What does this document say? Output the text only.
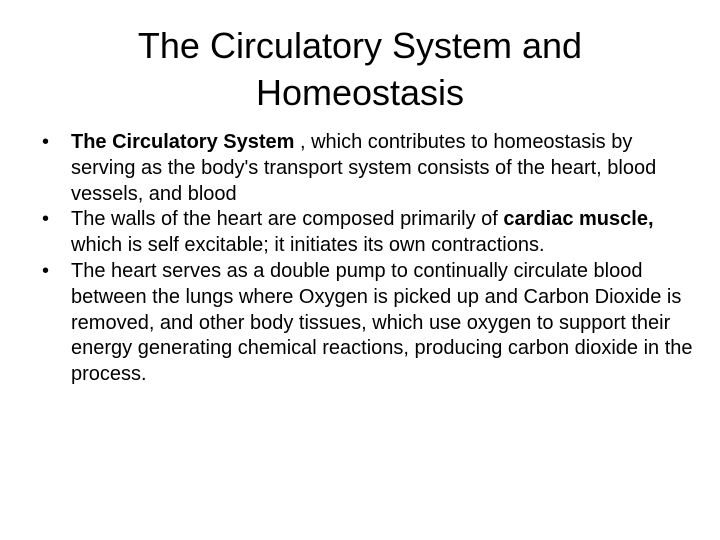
The Circulatory System and
Homeostasis
• The Circulatory System , which contributes to homeostasis by serving as the body's transport system consists of the heart, blood vessels, and blood
• The walls of the heart are composed primarily of cardiac muscle, which is self excitable; it initiates its own contractions.
• The heart serves as a double pump to continually circulate blood between the lungs where Oxygen is picked up and Carbon Dioxide is removed, and other body tissues, which use oxygen to support their energy generating chemical reactions, producing carbon dioxide in the process.
